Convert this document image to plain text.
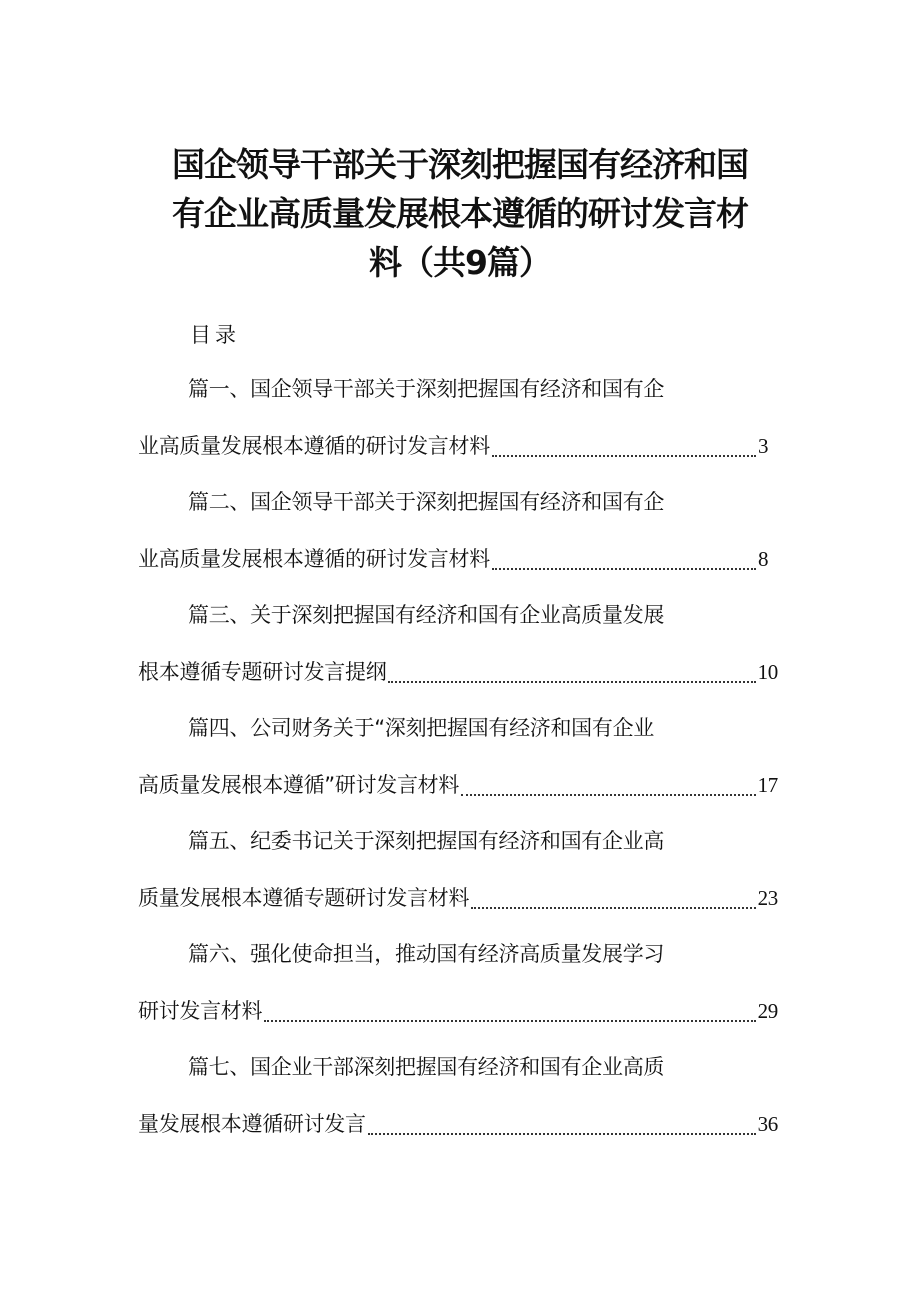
国企领导干部关于深刻把握国有经济和国
有企业高质量发展根本遵循的研讨发言材
料（共9篇）
目录
篇一、国企领导干部关于深刻把握国有经济和国有企
业高质量发展根本遵循的研讨发言材料	3
篇二、国企领导干部关于深刻把握国有经济和国有企
业高质量发展根本遵循的研讨发言材料	8
篇三、关于深刻把握国有经济和国有企业高质量发展
根本遵循专题研讨发言提纲	10
篇四、公司财务关于“深刻把握国有经济和国有企业
高质量发展根本遵循”研讨发言材料	17
篇五、纪委书记关于深刻把握国有经济和国有企业高
质量发展根本遵循专题研讨发言材料	23
篇六、强化使命担当，推动国有经济高质量发展学习
研讨发言材料	29
篇七、国企业干部深刻把握国有经济和国有企业高质
量发展根本遵循研讨发言	36
